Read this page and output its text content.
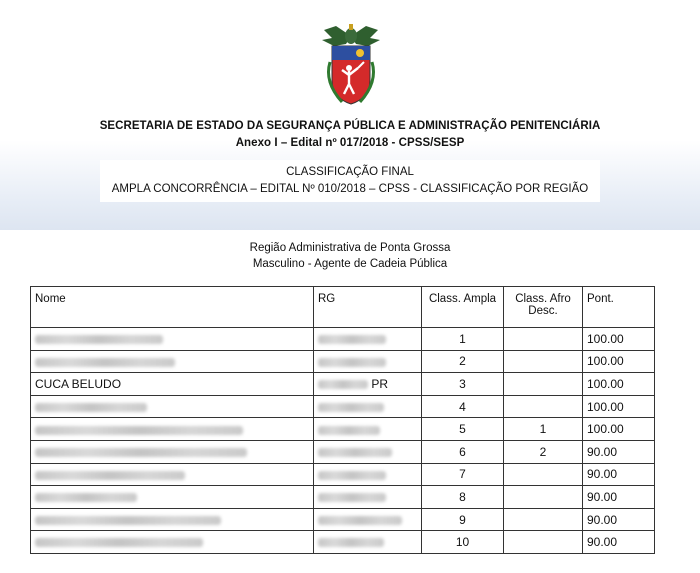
SECRETARIA DE ESTADO DA SEGURANÇA PÚBLICA E ADMINISTRAÇÃO PENITENCIÁRIA
Anexo I – Edital nº 017/2018 - CPSS/SESP
CLASSIFICAÇÃO FINAL
AMPLA CONCORRÊNCIA – EDITAL Nº 010/2018 – CPSS - CLASSIFICAÇÃO POR REGIÃO
Região Administrativa de Ponta Grossa
Masculino - Agente de Cadeia Pública
Nome	RG	Class. Ampla	Class. Afro Desc.	Pont.
		1		100.00
		2		100.00
CUCA BELUDO	PR	3		100.00
		4		100.00
		5	1	100.00
		6	2	90.00
		7		90.00
		8		90.00
		9		90.00
		10		90.00
